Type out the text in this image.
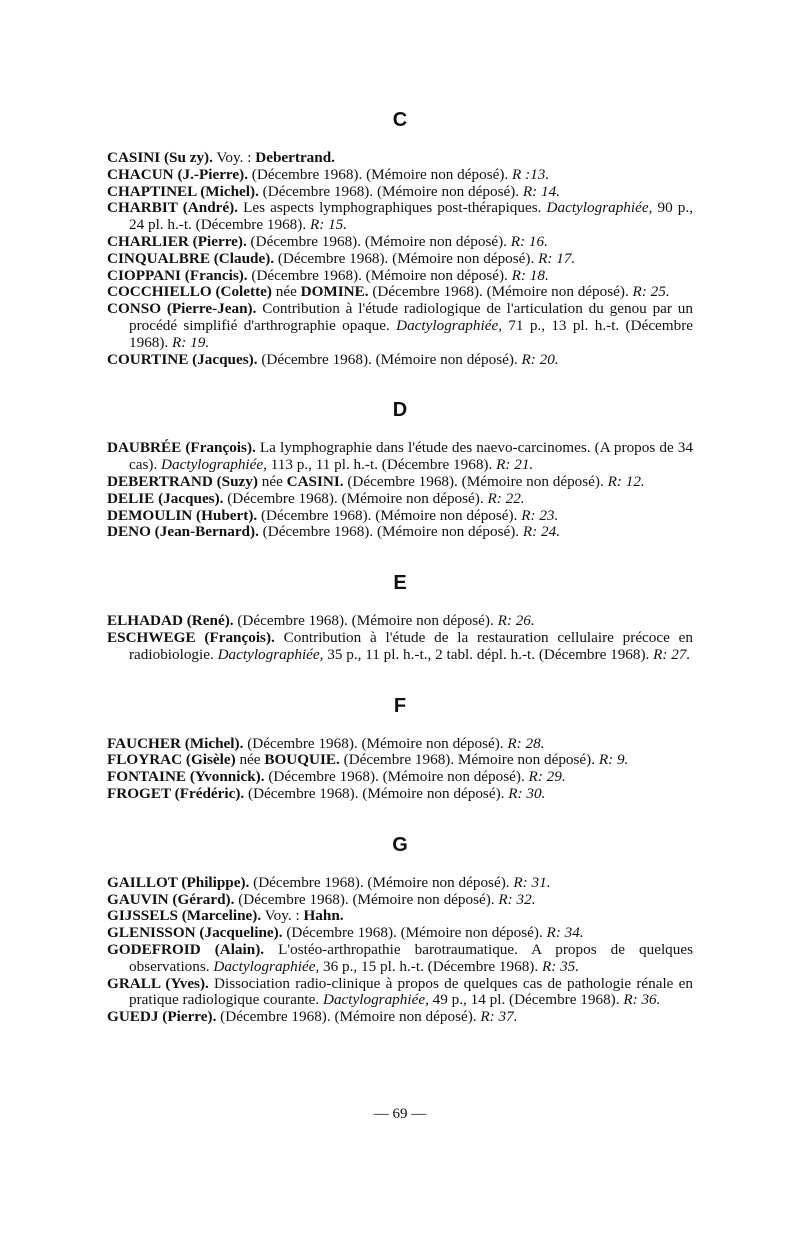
C

CASINI (Su zy). Voy. : Debertrand.

CHACUN (J.-Pierre). (Décembre 1968). (Mémoire non déposé). R :13.

CHAPTINEL (Michel). (Décembre 1968). (Mémoire non déposé). R: 14.

CHARBIT (André). Les aspects lymphographiques post-thérapiques. Dactylographiée, 90 p., 24 pl. h.-t. (Décembre 1968). R: 15.

CHARLIER (Pierre). (Décembre 1968). (Mémoire non déposé). R: 16.

CINQUALBRE (Claude). (Décembre 1968). (Mémoire non déposé). R: 17.

CIOPPANI (Francis). (Décembre 1968). (Mémoire non déposé). R: 18.

COCCHIELLO (Colette) née DOMINE. (Décembre 1968). (Mémoire non déposé). R: 25.

CONSO (Pierre-Jean). Contribution à l'étude radiologique de l'articulation du genou par un procédé simplifié d'arthrographie opaque. Dactylographiée, 71 p., 13 pl. h.-t. (Décembre 1968). R: 19.

COURTINE (Jacques). (Décembre 1968). (Mémoire non déposé). R: 20.

D

DAUBRÉE (François). La lymphographie dans l'étude des naevo-carcinomes. (A propos de 34 cas). Dactylographiée, 113 p., 11 pl. h.-t. (Décembre 1968). R: 21.

DEBERTRAND (Suzy) née CASINI. (Décembre 1968). (Mémoire non déposé). R: 12.

DELIE (Jacques). (Décembre 1968). (Mémoire non déposé). R: 22.

DEMOULIN (Hubert). (Décembre 1968). (Mémoire non déposé). R: 23.

DENO (Jean-Bernard). (Décembre 1968). (Mémoire non déposé). R: 24.

E

ELHADAD (René). (Décembre 1968). (Mémoire non déposé). R: 26.

ESCHWEGE (François). Contribution à l'étude de la restauration cellulaire précoce en radiobiologie. Dactylographiée, 35 p., 11 pl. h.-t., 2 tabl. dépl. h.-t. (Décembre 1968). R: 27.

F

FAUCHER (Michel). (Décembre 1968). (Mémoire non déposé). R: 28.

FLOYRAC (Gisèle) née BOUQUIE. (Décembre 1968). Mémoire non déposé). R: 9.

FONTAINE (Yvonnick). (Décembre 1968). (Mémoire non déposé). R: 29.

FROGET (Frédéric). (Décembre 1968). (Mémoire non déposé). R: 30.

G

GAILLOT (Philippe). (Décembre 1968). (Mémoire non déposé). R: 31.

GAUVIN (Gérard). (Décembre 1968). (Mémoire non déposé). R: 32.

GIJSSELS (Marceline). Voy. : Hahn.

GLENISSON (Jacqueline). (Décembre 1968). (Mémoire non déposé). R: 34.

GODEFROID (Alain). L'ostéo-arthropathie barotraumatique. A propos de quelques observations. Dactylographiée, 36 p., 15 pl. h.-t. (Décembre 1968). R: 35.

GRALL (Yves). Dissociation radio-clinique à propos de quelques cas de pathologie rénale en pratique radiologique courante. Dactylographiée, 49 p., 14 pl. (Décembre 1968). R: 36.

GUEDJ (Pierre). (Décembre 1968). (Mémoire non déposé). R: 37.

— 69 —
